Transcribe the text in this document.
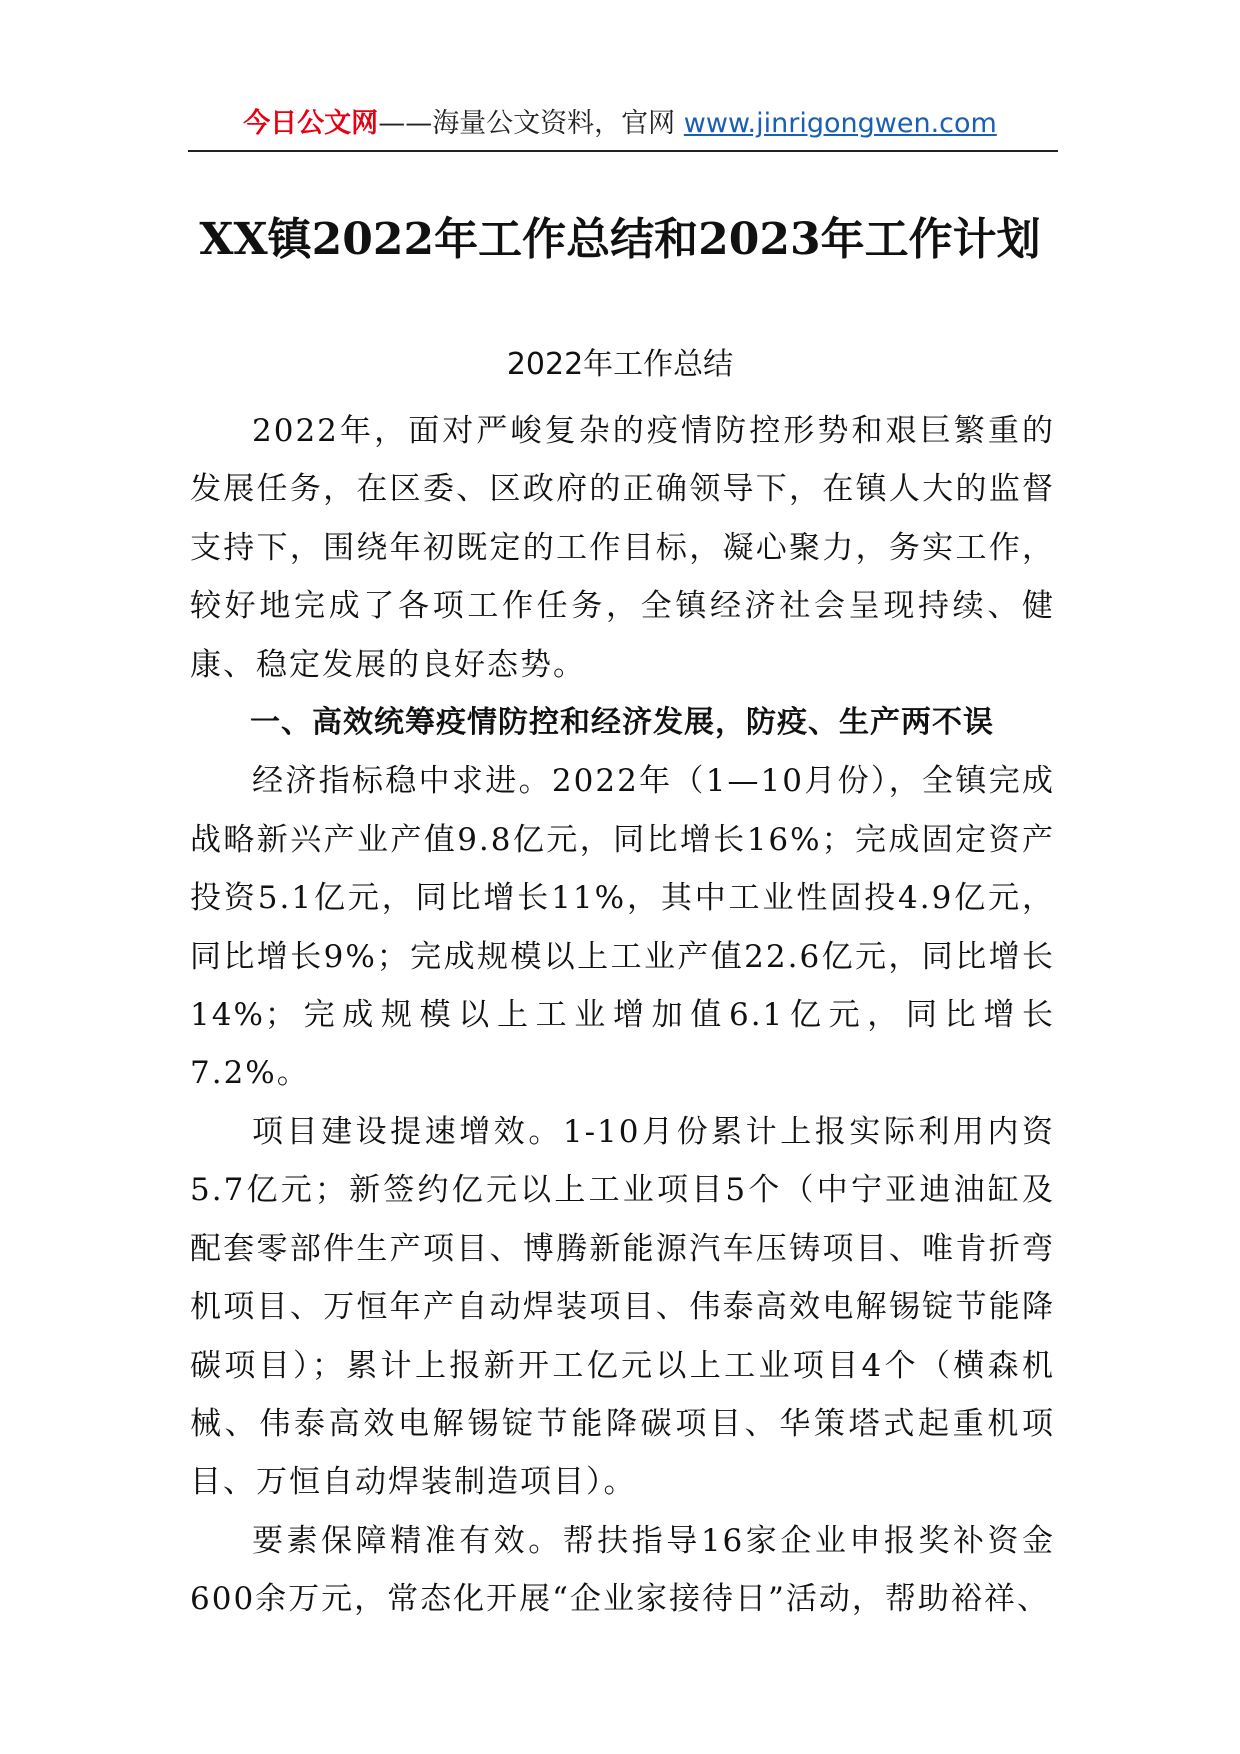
今日公文网——海量公文资料，官网 www.jinrigongwen.com
XX镇2022年工作总结和2023年工作计划
2022年工作总结

2022年，面对严峻复杂的疫情防控形势和艰巨繁重的发展任务，在区委、区政府的正确领导下，在镇人大的监督支持下，围绕年初既定的工作目标，凝心聚力，务实工作，较好地完成了各项工作任务，全镇经济社会呈现持续、健康、稳定发展的良好态势。

一、高效统筹疫情防控和经济发展，防疫、生产两不误

经济指标稳中求进。2022年（1—10月份），全镇完成战略新兴产业产值9.8亿元，同比增长16%；完成固定资产投资5.1亿元，同比增长11%，其中工业性固投4.9亿元，同比增长9%；完成规模以上工业产值22.6亿元，同比增长14%；完成规模以上工业增加值6.1亿元，同比增长7.2%。

项目建设提速增效。1-10月份累计上报实际利用内资5.7亿元；新签约亿元以上工业项目5个（中宁亚迪油缸及配套零部件生产项目、博腾新能源汽车压铸项目、唯肯折弯机项目、万恒年产自动焊装项目、伟泰高效电解锡锭节能降碳项目）；累计上报新开工亿元以上工业项目4个（横森机械、伟泰高效电解锡锭节能降碳项目、华策塔式起重机项目、万恒自动焊装制造项目）。

要素保障精准有效。帮扶指导16家企业申报奖补资金600余万元，常态化开展“企业家接待日”活动，帮助裕祥、
